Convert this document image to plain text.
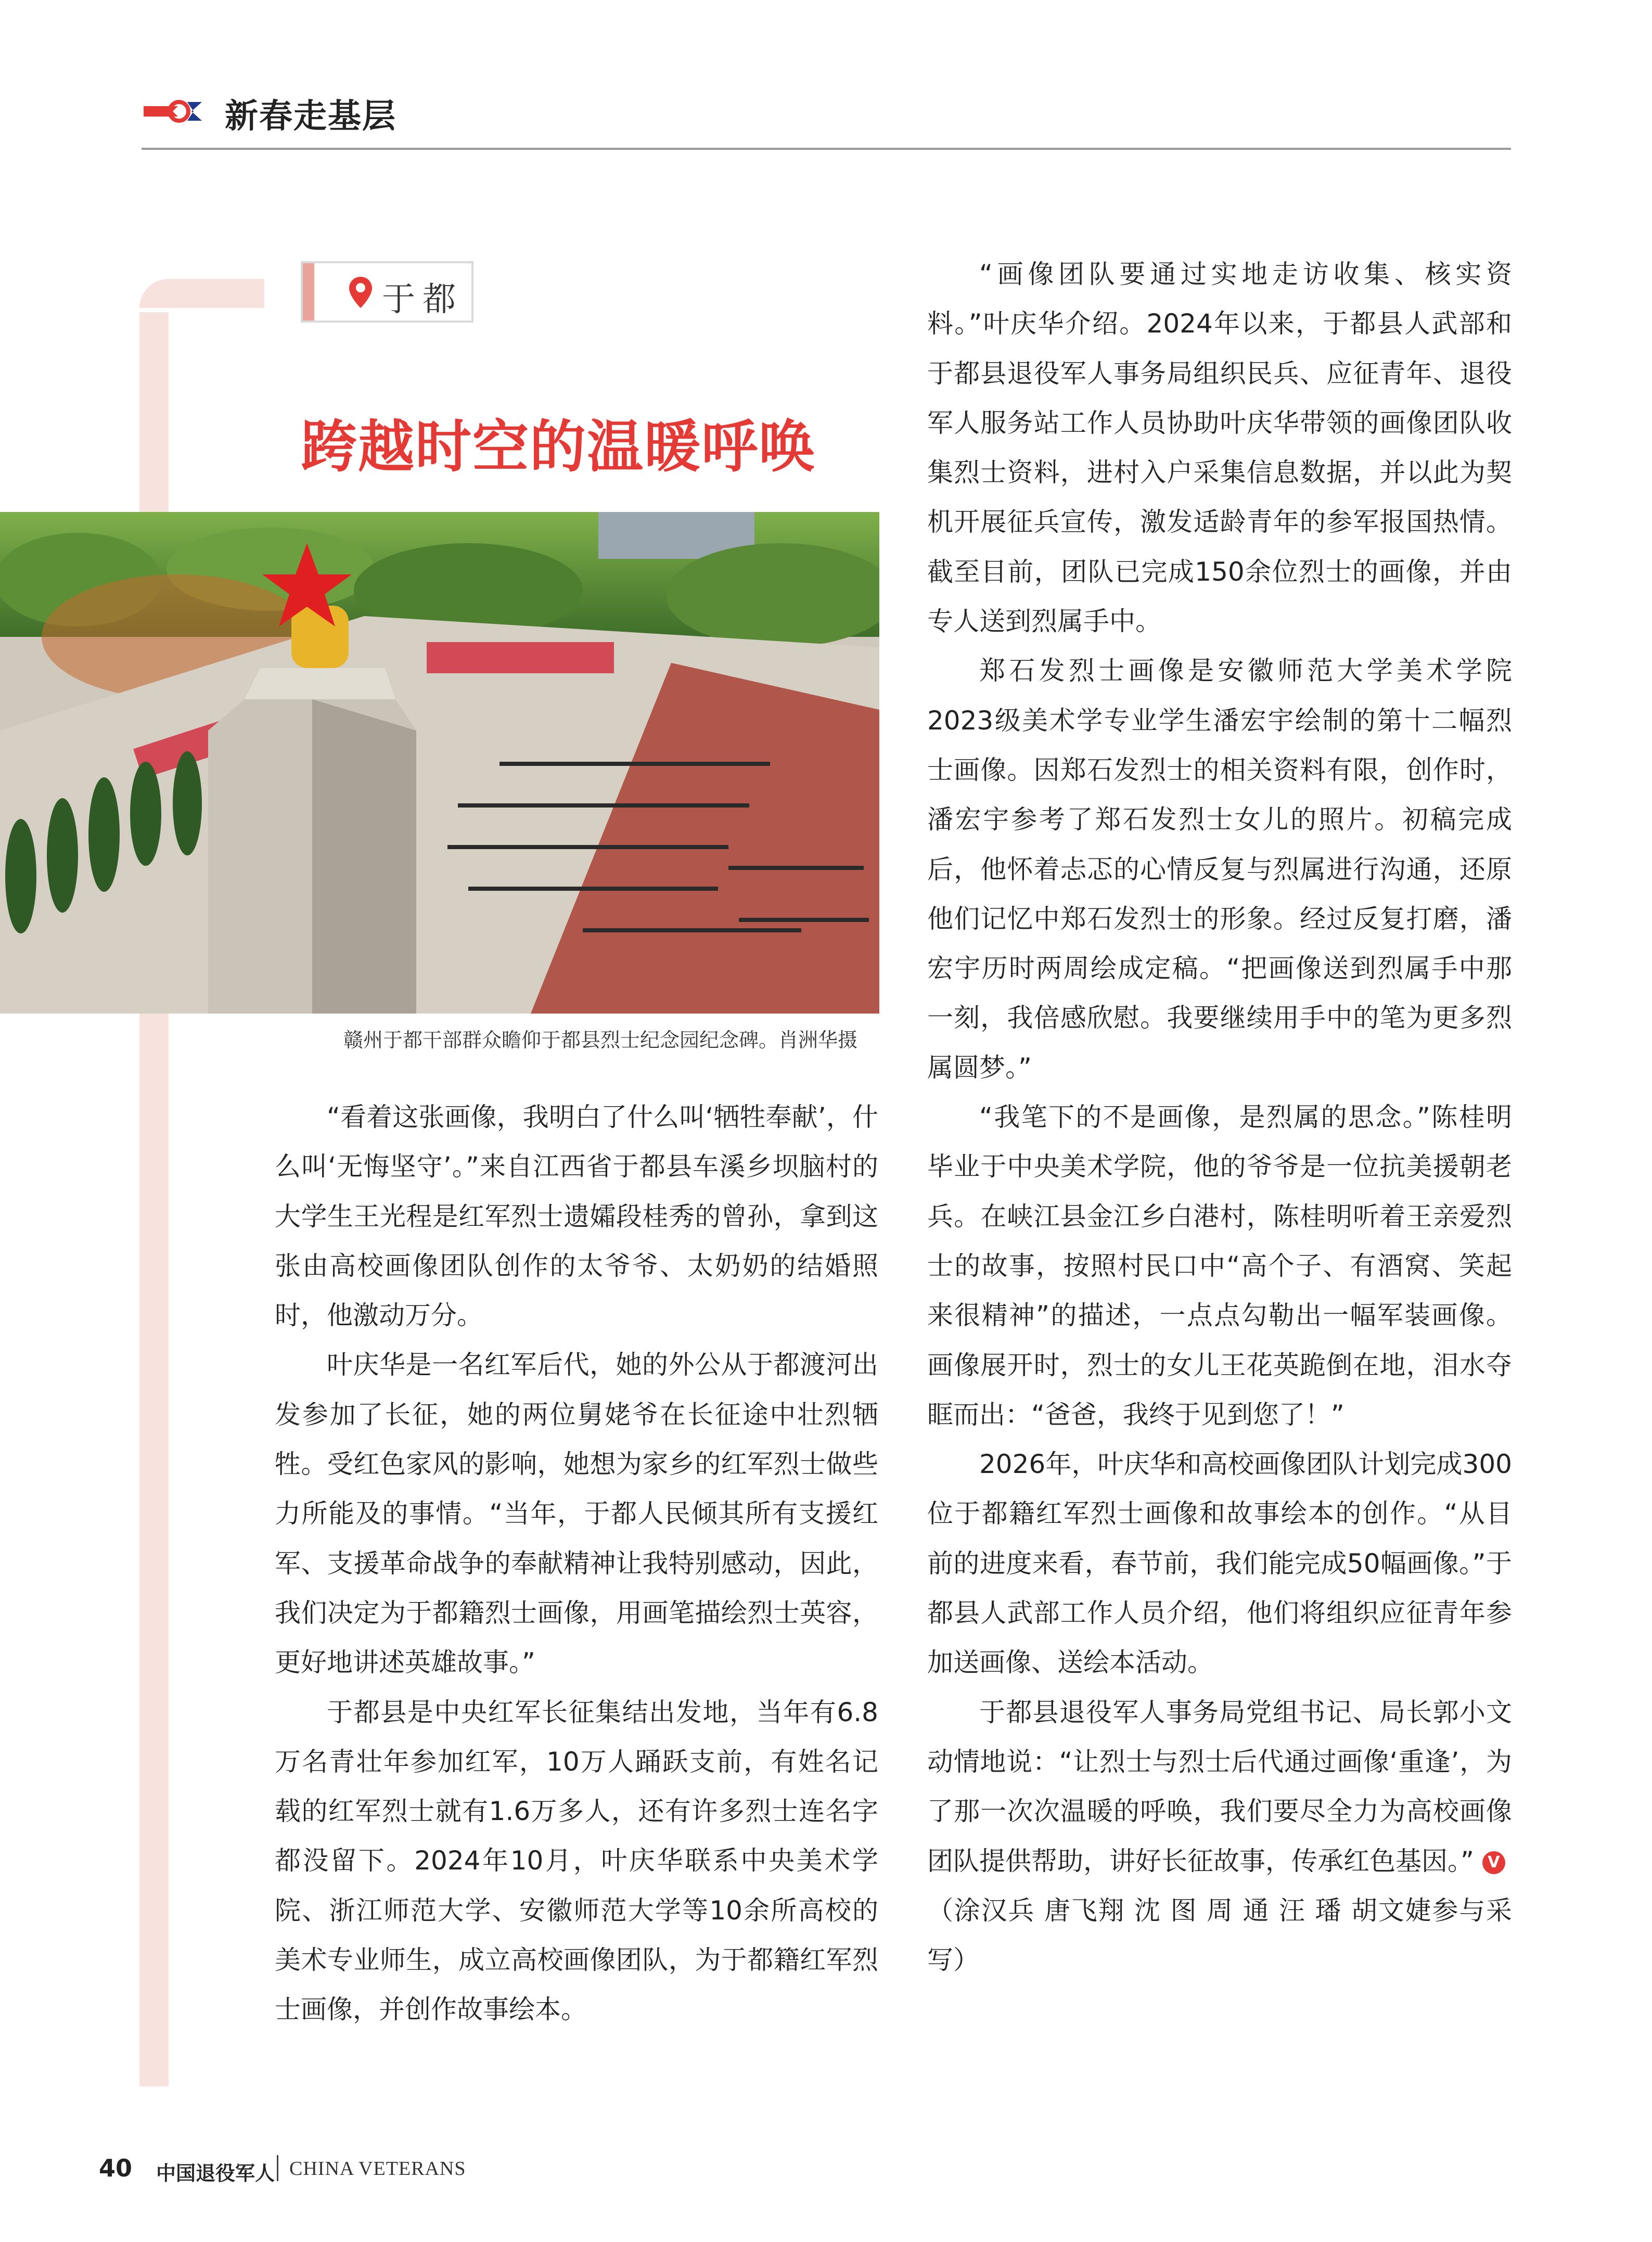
新春走基层
于都
跨越时空的温暖呼唤
赣州于都干部群众瞻仰于都县烈士纪念园纪念碑。肖洲华摄

“看着这张画像，我明白了什么叫‘牺牲奉献’，什么叫‘无悔坚守’。”来自江西省于都县车溪乡坝脑村的大学生王光程是红军烈士遗孀段桂秀的曾孙，拿到这张由高校画像团队创作的太爷爷、太奶奶的结婚照时，他激动万分。

叶庆华是一名红军后代，她的外公从于都渡河出发参加了长征，她的两位舅姥爷在长征途中壮烈牺牲。受红色家风的影响，她想为家乡的红军烈士做些力所能及的事情。“当年，于都人民倾其所有支援红军、支援革命战争的奉献精神让我特别感动，因此，我们决定为于都籍烈士画像，用画笔描绘烈士英容，更好地讲述英雄故事。”

于都县是中央红军长征集结出发地，当年有6.8万名青壮年参加红军，10万人踊跃支前，有姓名记载的红军烈士就有1.6万多人，还有许多烈士连名字都没留下。2024年10月，叶庆华联系中央美术学院、浙江师范大学、安徽师范大学等10余所高校的美术专业师生，成立高校画像团队，为于都籍红军烈士画像，并创作故事绘本。

“画像团队要通过实地走访收集、核实资料。”叶庆华介绍。2024年以来，于都县人武部和于都县退役军人事务局组织民兵、应征青年、退役军人服务站工作人员协助叶庆华带领的画像团队收集烈士资料，进村入户采集信息数据，并以此为契机开展征兵宣传，激发适龄青年的参军报国热情。截至目前，团队已完成150余位烈士的画像，并由专人送到烈属手中。

郑石发烈士画像是安徽师范大学美术学院2023级美术学专业学生潘宏宇绘制的第十二幅烈士画像。因郑石发烈士的相关资料有限，创作时，潘宏宇参考了郑石发烈士女儿的照片。初稿完成后，他怀着忐忑的心情反复与烈属进行沟通，还原他们记忆中郑石发烈士的形象。经过反复打磨，潘宏宇历时两周绘成定稿。“把画像送到烈属手中那一刻，我倍感欣慰。我要继续用手中的笔为更多烈属圆梦。”

“我笔下的不是画像，是烈属的思念。”陈桂明毕业于中央美术学院，他的爷爷是一位抗美援朝老兵。在峡江县金江乡白港村，陈桂明听着王亲爱烈士的故事，按照村民口中“高个子、有酒窝、笑起来很精神”的描述，一点点勾勒出一幅军装画像。画像展开时，烈士的女儿王花英跪倒在地，泪水夺眶而出：“爸爸，我终于见到您了！”

2026年，叶庆华和高校画像团队计划完成300位于都籍红军烈士画像和故事绘本的创作。“从目前的进度来看，春节前，我们能完成50幅画像。”于都县人武部工作人员介绍，他们将组织应征青年参加送画像、送绘本活动。

于都县退役军人事务局党组书记、局长郭小文动情地说：“让烈士与烈士后代通过画像‘重逢’，为了那一次次温暖的呼唤，我们要尽全力为高校画像团队提供帮助，讲好长征故事，传承红色基因。” V

（涂汉兵 唐飞翔 沈 图 周 通 汪 璠 胡文婕参与采写）

40 中国退役军人 CHINA VETERANS
